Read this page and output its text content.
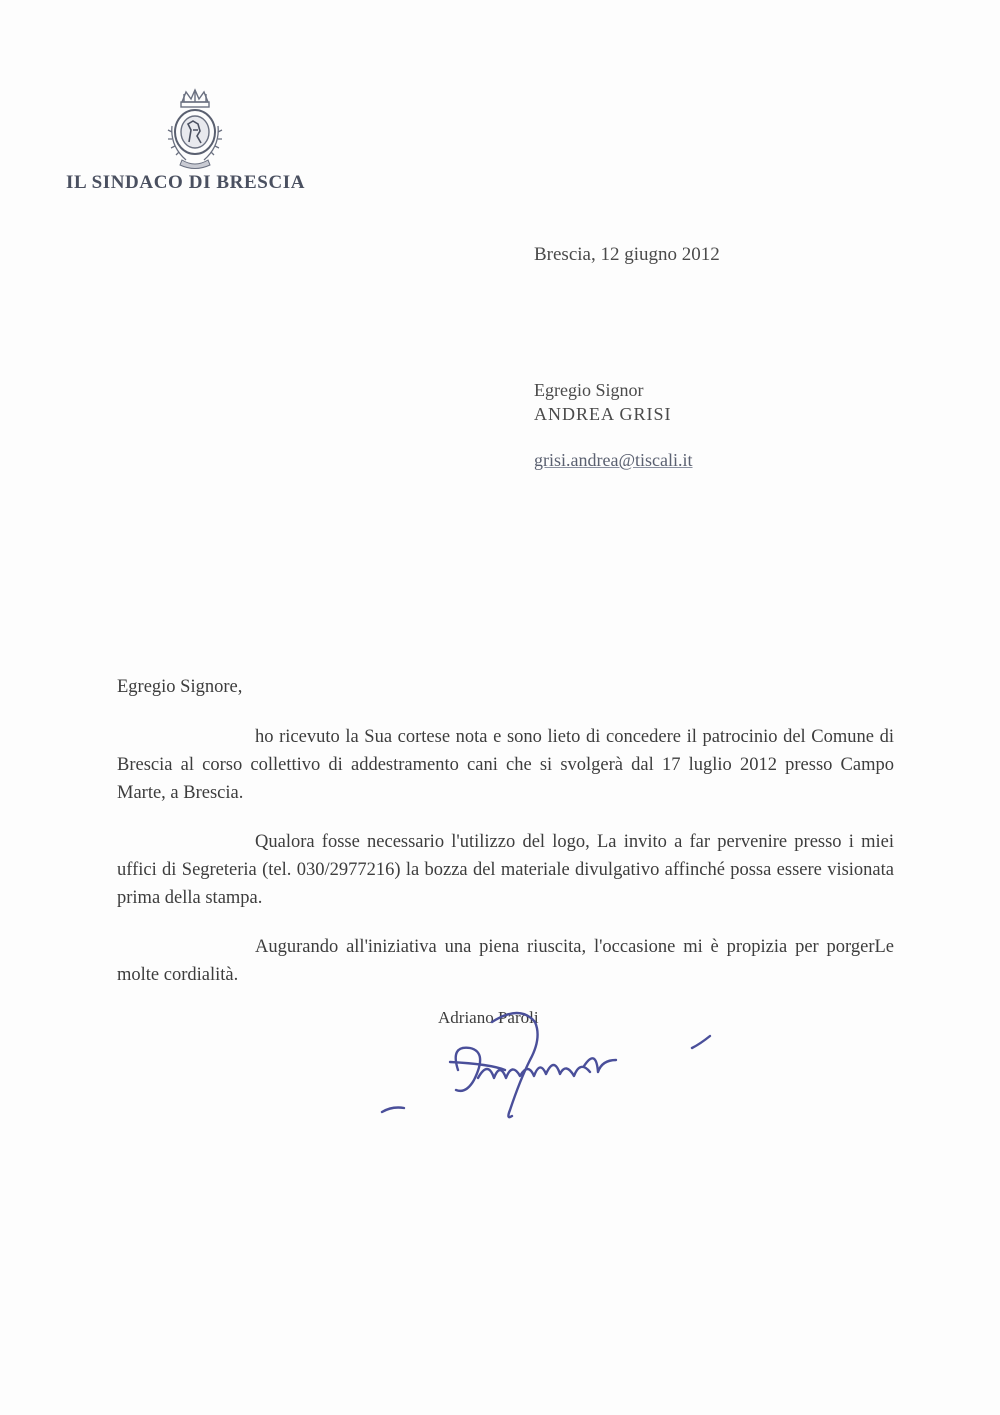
IL SINDACO DI BRESCIA
Brescia, 12 giugno 2012
Egregio Signor
ANDREA GRISI
grisi.andrea@tiscali.it
Egregio Signore,

ho ricevuto la Sua cortese nota e sono lieto di concedere il patrocinio del Comune di Brescia al corso collettivo di addestramento cani che si svolgerà dal 17 luglio 2012 presso Campo Marte, a Brescia.

Qualora fosse necessario l'utilizzo del logo, La invito a far pervenire presso i miei uffici di Segreteria (tel. 030/2977216) la bozza del materiale divulgativo affinché possa essere visionata prima della stampa.

Augurando all'iniziativa una piena riuscita, l'occasione mi è propizia per porgerLe molte cordialità.

Adriano Paroli
